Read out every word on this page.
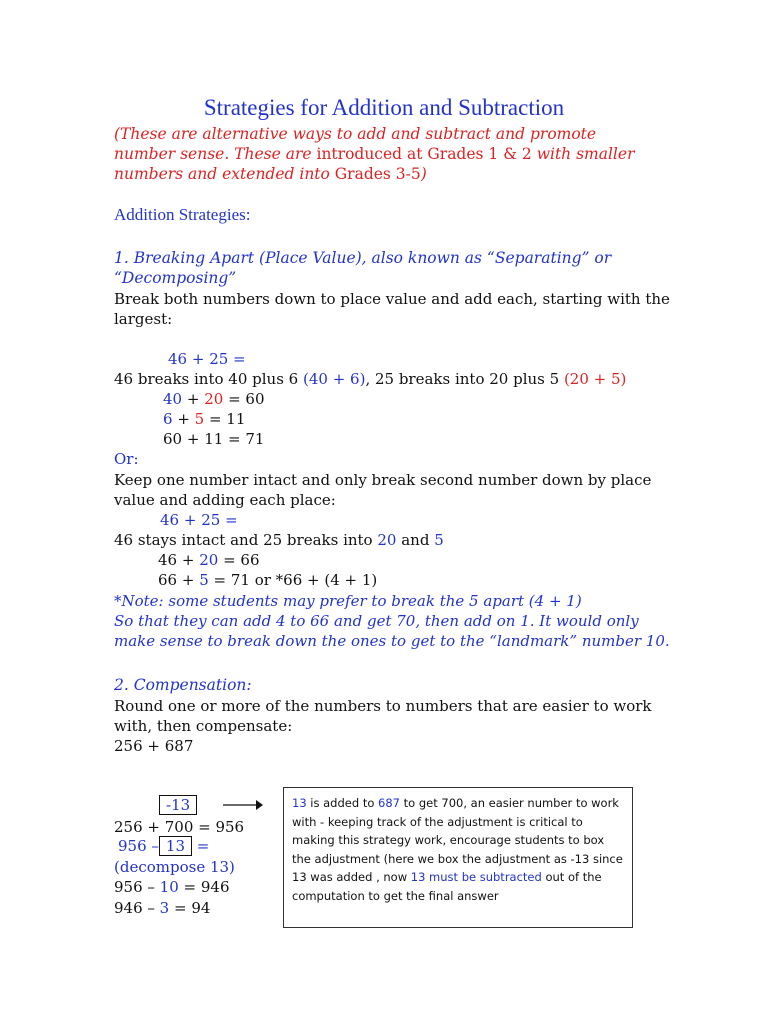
Strategies for Addition and Subtraction
(These are alternative ways to add and subtract and promote number sense. These are introduced at Grades 1 & 2 with smaller numbers and extended into Grades 3-5)
Addition Strategies:
1. Breaking Apart (Place Value), also known as “Separating” or
“Decomposing”
Break both numbers down to place value and add each, starting with the
largest:
46 + 25 =
46 breaks into 40 plus 6 (40 + 6), 25 breaks into 20 plus 5 (20 + 5)
40 + 20 = 60
6 + 5 = 11
60 + 11 = 71
Or:
Keep one number intact and only break second number down by place
value and adding each place:
46 + 25 =
46 stays intact and 25 breaks into 20 and 5
46 + 20 = 66
66 + 5 = 71 or *66 + (4 + 1)
*Note: some students may prefer to break the 5 apart (4 + 1)
So that they can add 4 to 66 and get 70, then add on 1. It would only
make sense to break down the ones to get to the “landmark” number 10.
2. Compensation:
Round one or more of the numbers to numbers that are easier to work
with, then compensate:
256 + 687
-13
256 + 700 = 956
956 – 13 =
(decompose 13)
956 – 10 = 946
946 – 3 = 94
13 is added to 687 to get 700, an easier number to work with - keeping track of the adjustment is critical to making this strategy work, encourage students to box the adjustment (here we box the adjustment as -13 since 13 was added , now 13 must be subtracted out of the computation to get the final answer
